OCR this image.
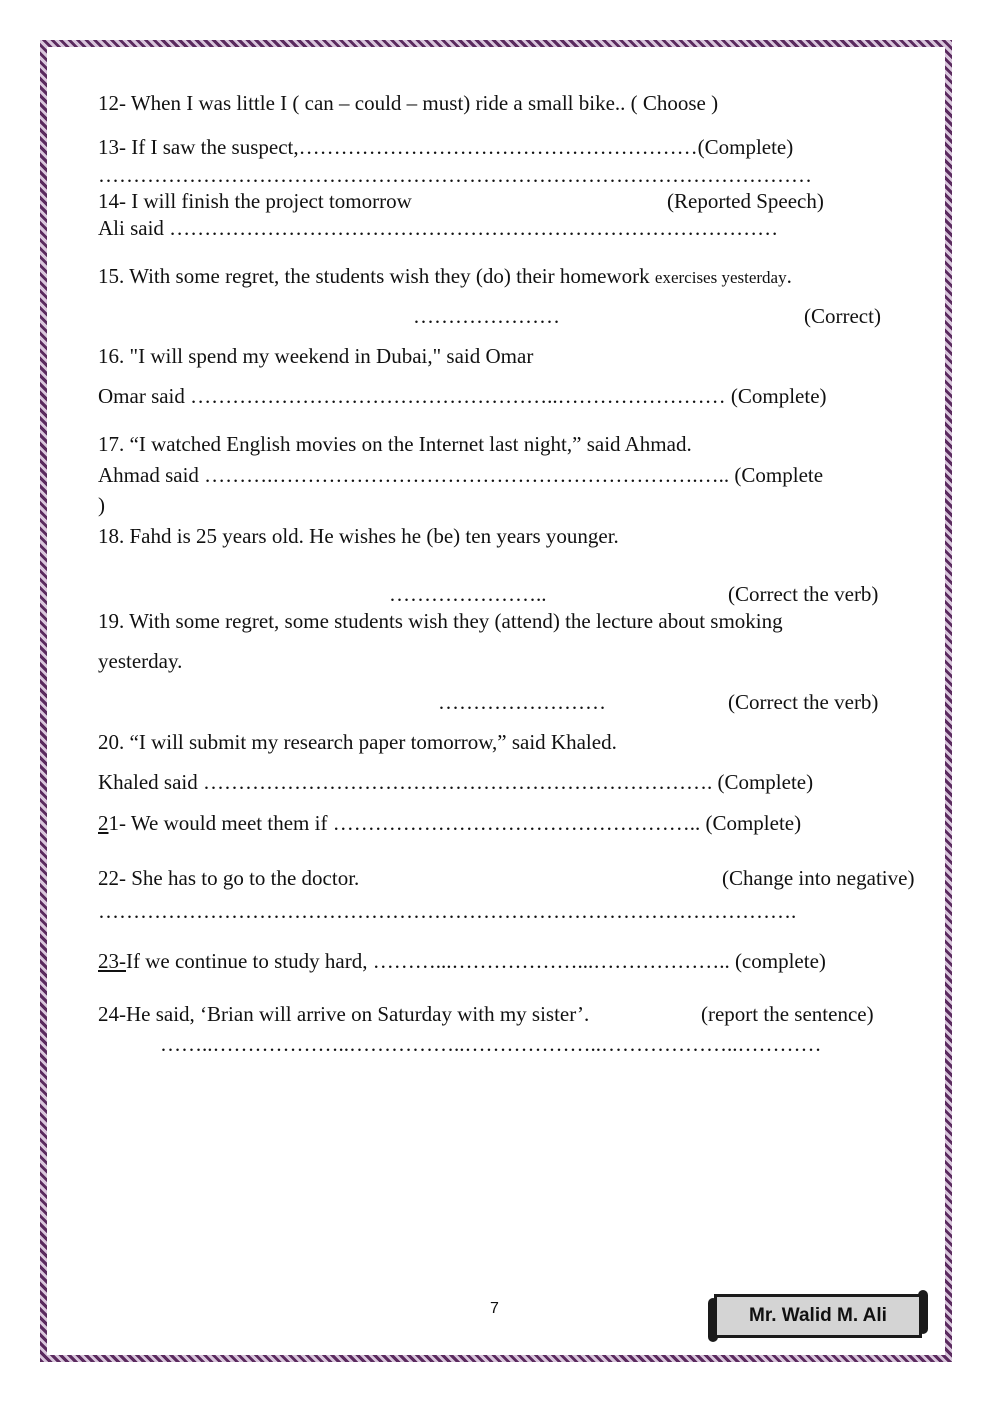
12- When I was little I ( can – could – must) ride a small bike.. ( Choose )
13- If I saw the suspect,…………………………………………………(Complete)
…………………………………………………………………………………………
14- I will finish the project tomorrow	(Reported Speech)
Ali said ……………………………………………………………………………
15. With some regret, the students wish they (do) their homework exercises yesterday.
…………………	(Correct)
16. "I will spend my weekend in Dubai," said Omar
Omar said ……………………………………………..…………………… (Complete)
17. “I watched English movies on the Internet last night,” said Ahmad.
Ahmad said ……….…………………………………………………….….. (Complete
)
18. Fahd is 25 years old. He wishes he (be) ten years younger.
…………………..	(Correct the verb)
19. With some regret, some students wish they (attend) the lecture about smoking
yesterday.
……………………	(Correct the verb)
20. “I will submit my research paper tomorrow,” said Khaled.
Khaled said ………………………………………………………………. (Complete)
21- We would meet them if …………………………………………….. (Complete)
22- She has to go to the doctor.	(Change into negative)
……………………………………………………………………………………….
23-If we continue to study hard, ………...………………...……………….. (complete)
24-He said, ‘Brian will arrive on Saturday with my sister’.	(report the sentence)
……..………………..……………..………………..………………..…………
7	Mr. Walid M. Ali
